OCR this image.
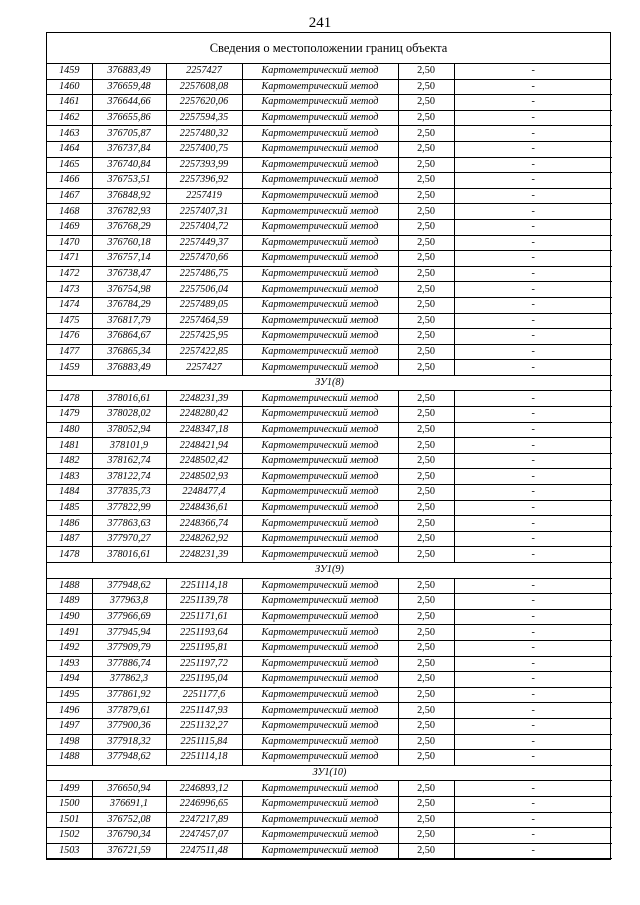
241
Сведения о местоположении границ объекта
1459	376883,49	2257427	Картометрический метод	2,50	-
1460	376659,48	2257608,08	Картометрический метод	2,50	-
1461	376644,66	2257620,06	Картометрический метод	2,50	-
1462	376655,86	2257594,35	Картометрический метод	2,50	-
1463	376705,87	2257480,32	Картометрический метод	2,50	-
1464	376737,84	2257400,75	Картометрический метод	2,50	-
1465	376740,84	2257393,99	Картометрический метод	2,50	-
1466	376753,51	2257396,92	Картометрический метод	2,50	-
1467	376848,92	2257419	Картометрический метод	2,50	-
1468	376782,93	2257407,31	Картометрический метод	2,50	-
1469	376768,29	2257404,72	Картометрический метод	2,50	-
1470	376760,18	2257449,37	Картометрический метод	2,50	-
1471	376757,14	2257470,66	Картометрический метод	2,50	-
1472	376738,47	2257486,75	Картометрический метод	2,50	-
1473	376754,98	2257506,04	Картометрический метод	2,50	-
1474	376784,29	2257489,05	Картометрический метод	2,50	-
1475	376817,79	2257464,59	Картометрический метод	2,50	-
1476	376864,67	2257425,95	Картометрический метод	2,50	-
1477	376865,34	2257422,85	Картометрический метод	2,50	-
1459	376883,49	2257427	Картометрический метод	2,50	-
ЗУ1(8)					
1478	378016,61	2248231,39	Картометрический метод	2,50	-
1479	378028,02	2248280,42	Картометрический метод	2,50	-
1480	378052,94	2248347,18	Картометрический метод	2,50	-
1481	378101,9	2248421,94	Картометрический метод	2,50	-
1482	378162,74	2248502,42	Картометрический метод	2,50	-
1483	378122,74	2248502,93	Картометрический метод	2,50	-
1484	377835,73	2248477,4	Картометрический метод	2,50	-
1485	377822,99	2248436,61	Картометрический метод	2,50	-
1486	377863,63	2248366,74	Картометрический метод	2,50	-
1487	377970,27	2248262,92	Картометрический метод	2,50	-
1478	378016,61	2248231,39	Картометрический метод	2,50	-
ЗУ1(9)					
1488	377948,62	2251114,18	Картометрический метод	2,50	-
1489	377963,8	2251139,78	Картометрический метод	2,50	-
1490	377966,69	2251171,61	Картометрический метод	2,50	-
1491	377945,94	2251193,64	Картометрический метод	2,50	-
1492	377909,79	2251195,81	Картометрический метод	2,50	-
1493	377886,74	2251197,72	Картометрический метод	2,50	-
1494	377862,3	2251195,04	Картометрический метод	2,50	-
1495	377861,92	2251177,6	Картометрический метод	2,50	-
1496	377879,61	2251147,93	Картометрический метод	2,50	-
1497	377900,36	2251132,27	Картометрический метод	2,50	-
1498	377918,32	2251115,84	Картометрический метод	2,50	-
1488	377948,62	2251114,18	Картометрический метод	2,50	-
ЗУ1(10)					
1499	376650,94	2246893,12	Картометрический метод	2,50	-
1500	376691,1	2246996,65	Картометрический метод	2,50	-
1501	376752,08	2247217,89	Картометрический метод	2,50	-
1502	376790,34	2247457,07	Картометрический метод	2,50	-
1503	376721,59	2247511,48	Картометрический метод	2,50	-
